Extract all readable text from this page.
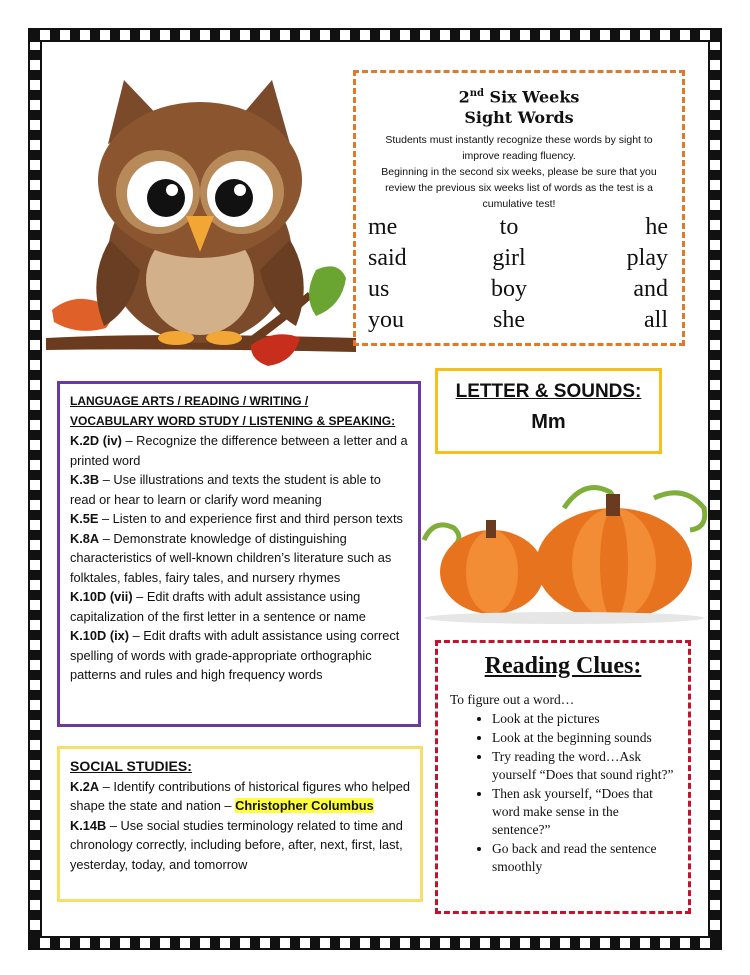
2nd Six Weeks
Sight Words

Students must instantly recognize these words by sight to improve reading fluency.
Beginning in the second six weeks, please be sure that you review the previous six weeks list of words as the test is a cumulative test!

me	to	he
said	girl	play
us	boy	and
you	she	all
LANGUAGE ARTS / READING / WRITING /
VOCABULARY WORD STUDY / LISTENING & SPEAKING:

K.2D (iv) – Recognize the difference between a letter and a printed word

K.3B – Use illustrations and texts the student is able to read or hear to learn or clarify word meaning

K.5E – Listen to and experience first and third person texts

K.8A – Demonstrate knowledge of distinguishing characteristics of well-known children’s literature such as folktales, fables, fairy tales, and nursery rhymes

K.10D (vii) – Edit drafts with adult assistance using capitalization of the first letter in a sentence or name

K.10D (ix) – Edit drafts with adult assistance using correct spelling of words with grade-appropriate orthographic patterns and rules and high frequency words

LETTER & SOUNDS:
Mm
SOCIAL STUDIES:

K.2A – Identify contributions of historical figures who helped shape the state and nation – Christopher Columbus

K.14B – Use social studies terminology related to time and chronology correctly, including before, after, next, first, last, yesterday, today, and tomorrow

Reading Clues:
To figure out a word…
• Look at the pictures
• Look at the beginning sounds
• Try reading the word…Ask yourself “Does that sound right?”
• Then ask yourself, “Does that word make sense in the sentence?”
• Go back and read the sentence smoothly
